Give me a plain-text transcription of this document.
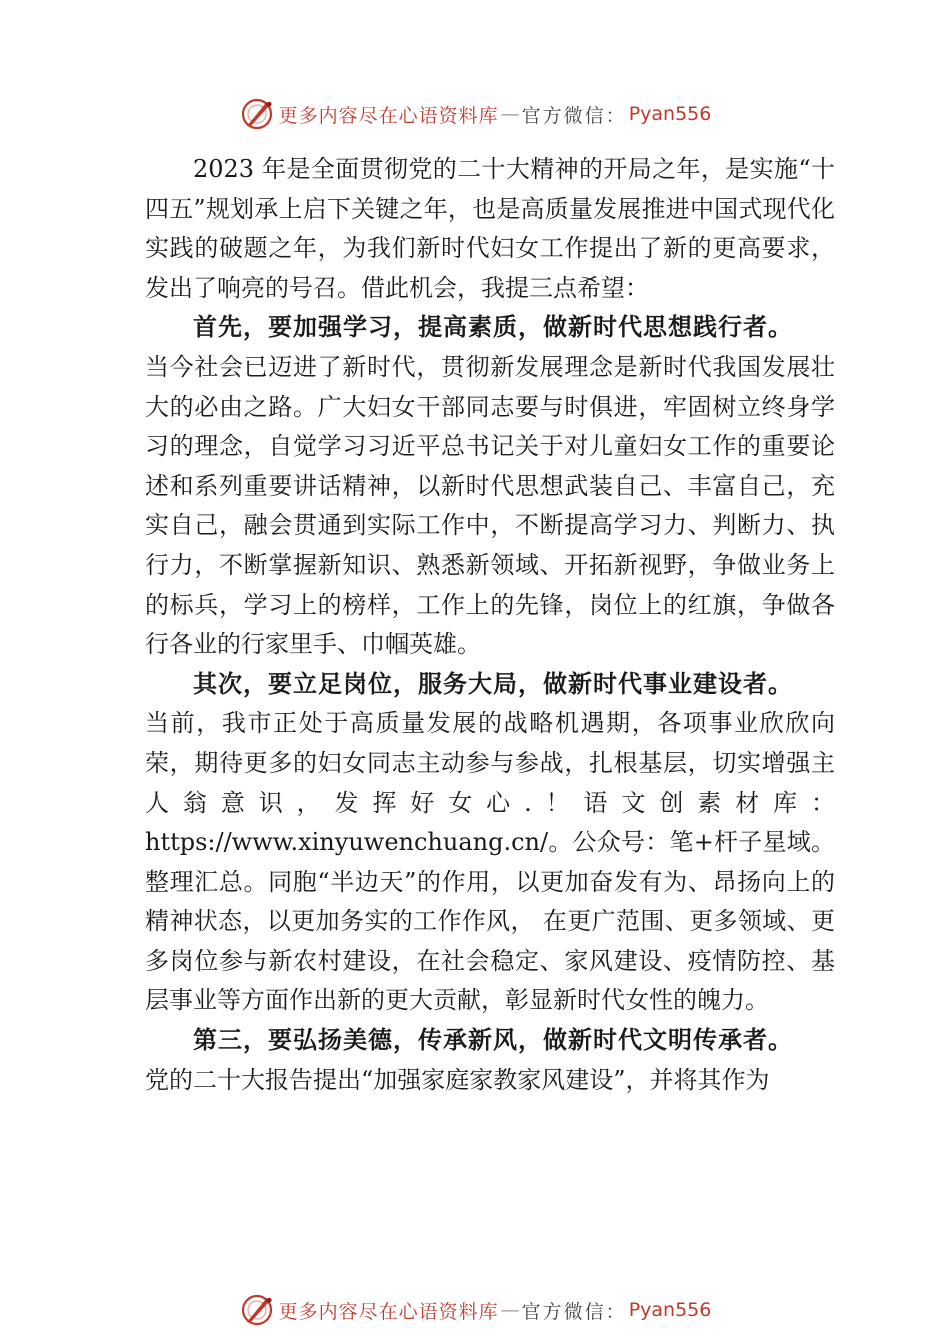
更多内容尽在心语资料库 — 官方微信： Pyan556

2023 年是全面贯彻党的二十大精神的开局之年，是实施“十四五”规划承上启下关键之年，也是高质量发展推进中国式现代化实践的破题之年，为我们新时代妇女工作提出了新的更高要求，发出了响亮的号召。借此机会，我提三点希望：

首先，要加强学习，提高素质，做新时代思想践行者。

当今社会已迈进了新时代，贯彻新发展理念是新时代我国发展壮大的必由之路。广大妇女干部同志要与时俱进，牢固树立终身学习的理念，自觉学习习近平总书记关于对儿童妇女工作的重要论述和系列重要讲话精神，以新时代思想武装自己、丰富自己，充实自己，融会贯通到实际工作中，不断提高学习力、判断力、执行力，不断掌握新知识、熟悉新领域、开拓新视野，争做业务上的标兵，学习上的榜样，工作上的先锋，岗位上的红旗，争做各行各业的行家里手、巾帼英雄。

其次，要立足岗位，服务大局，做新时代事业建设者。

当前，我市正处于高质量发展的战略机遇期，各项事业欣欣向荣，期待更多的妇女同志主动参与参战，扎根基层，切实增强主人翁意识，发挥好女心.！语文创素材库：https://www.xinyuwenchuang.cn/。公众号：笔+杆子星域。整理汇总。同胞“半边天”的作用，以更加奋发有为、昂扬向上的精神状态，以更加务实的工作作风， 在更广范围、更多领域、更多岗位参与新农村建设，在社会稳定、家风建设、疫情防控、基层事业等方面作出新的更大贡献，彰显新时代女性的魄力。

第三，要弘扬美德，传承新风，做新时代文明传承者。

党的二十大报告提出“加强家庭家教家风建设”，并将其作为

更多内容尽在心语资料库 — 官方微信： Pyan556
